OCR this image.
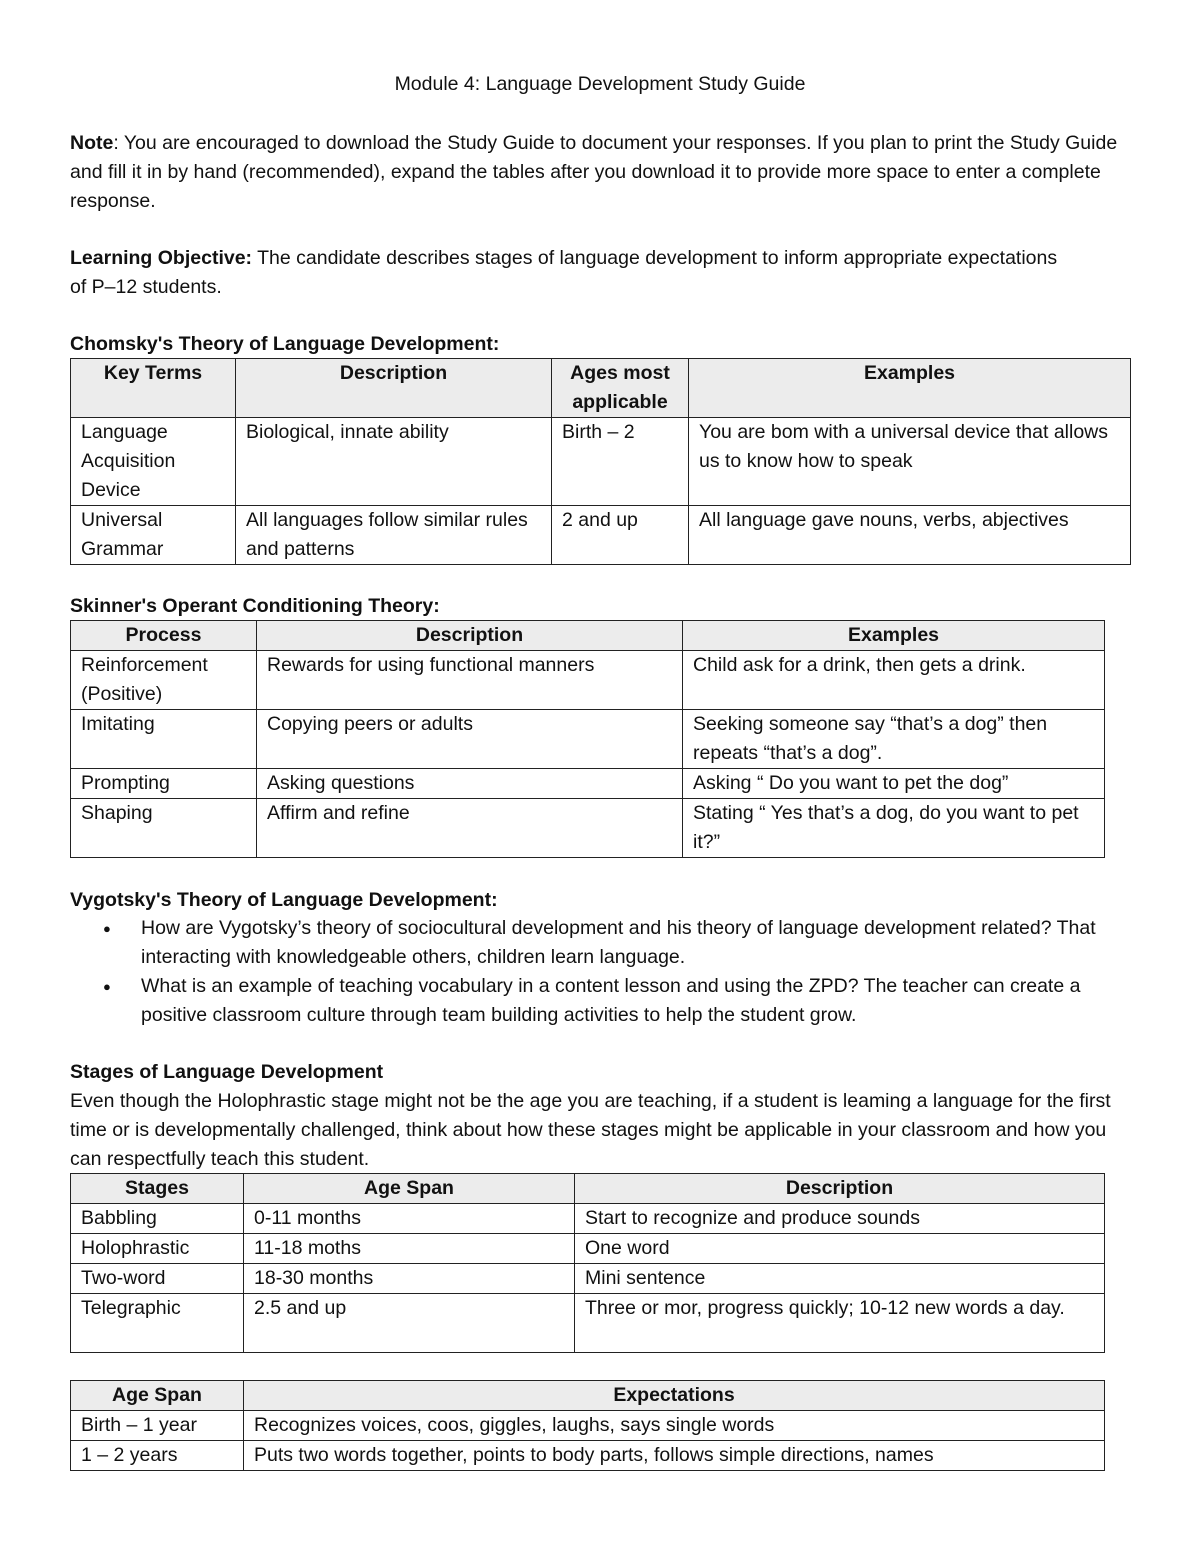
Module 4: Language Development Study Guide
Note: You are encouraged to download the Study Guide to document your responses. If you plan to print the Study Guide and fill it in by hand (recommended), expand the tables after you download it to provide more space to enter a complete response.
Learning Objective: The candidate describes stages of language development to inform appropriate expectations of P–12 students.
Chomsky's Theory of Language Development:
Key Terms	Description	Ages most applicable	Examples
Language Acquisition Device	Biological, innate ability	Birth – 2	You are bom with a universal device that allows us to know how to speak
Universal Grammar	All languages follow similar rules and patterns	2 and up	All language gave nouns, verbs, abjectives
Skinner's Operant Conditioning Theory:
Process	Description	Examples
Reinforcement (Positive)	Rewards for using functional manners	Child ask for a drink, then gets a drink.
Imitating	Copying peers or adults	Seeking someone say “that’s a dog” then repeats “that’s a dog”.
Prompting	Asking questions	Asking “ Do you want to pet the dog”
Shaping	Affirm and refine	Stating “ Yes that’s a dog, do you want to pet it?”
Vygotsky's Theory of Language Development:
● How are Vygotsky’s theory of sociocultural development and his theory of language development related? That interacting with knowledgeable others, children learn language.
● What is an example of teaching vocabulary in a content lesson and using the ZPD? The teacher can create a positive classroom culture through team building activities to help the student grow.
Stages of Language Development
Even though the Holophrastic stage might not be the age you are teaching, if a student is leaming a language for the first time or is developmentally challenged, think about how these stages might be applicable in your classroom and how you can respectfully teach this student.
Stages	Age Span	Description
Babbling	0-11 months	Start to recognize and produce sounds
Holophrastic	11-18 moths	One word
Two-word	18-30 months	Mini sentence
Telegraphic	2.5 and up	Three or mor, progress quickly; 10-12 new words a day.
Age Span	Expectations
Birth – 1 year	Recognizes voices, coos, giggles, laughs, says single words
1 – 2 years	Puts two words together, points to body parts, follows simple directions, names
